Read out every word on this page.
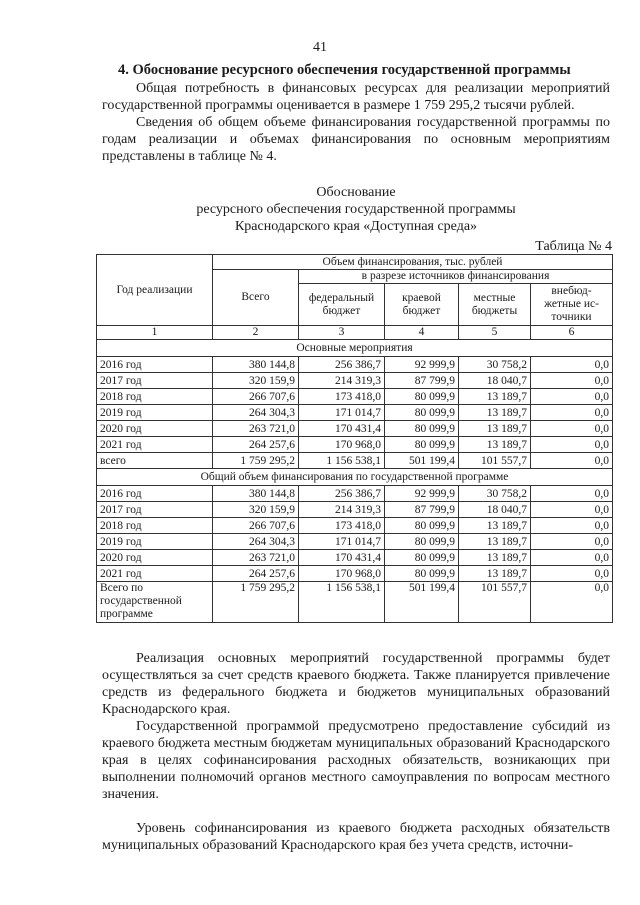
41
4. Обоснование ресурсного обеспечения государственной программы

Общая потребность в финансовых ресурсах для реализации мероприятий государственной программы оценивается в размере 1 759 295,2 тысячи рублей.

Сведения об общем объеме финансирования государственной программы по годам реализации и объемах финансирования по основным мероприятиям представлены в таблице № 4.

Обоснование
ресурсного обеспечения государственной программы
Краснодарского края «Доступная среда»
Таблица № 4
Год реализации	Объем финансирования, тыс. рублей				
	Всего	в разрезе источников финансирования			
		федеральный бюджет	краевой бюджет	местные бюджеты	внебюд-жетные ис-точники
1	2	3	4	5	6
Основные мероприятия					
2016 год	380 144,8	256 386,7	92 999,9	30 758,2	0,0
2017 год	320 159,9	214 319,3	87 799,9	18 040,7	0,0
2018 год	266 707,6	173 418,0	80 099,9	13 189,7	0,0
2019 год	264 304,3	171 014,7	80 099,9	13 189,7	0,0
2020 год	263 721,0	170 431,4	80 099,9	13 189,7	0,0
2021 год	264 257,6	170 968,0	80 099,9	13 189,7	0,0
всего	1 759 295,2	1 156 538,1	501 199,4	101 557,7	0,0
Общий объем финансирования по государственной программе					
2016 год	380 144,8	256 386,7	92 999,9	30 758,2	0,0
2017 год	320 159,9	214 319,3	87 799,9	18 040,7	0,0
2018 год	266 707,6	173 418,0	80 099,9	13 189,7	0,0
2019 год	264 304,3	171 014,7	80 099,9	13 189,7	0,0
2020 год	263 721,0	170 431,4	80 099,9	13 189,7	0,0
2021 год	264 257,6	170 968,0	80 099,9	13 189,7	0,0
Всего по государственной программе	1 759 295,2	1 156 538,1	501 199,4	101 557,7	0,0

Реализация основных мероприятий государственной программы будет осуществляться за счет средств краевого бюджета. Также планируется привлечение средств из федерального бюджета и бюджетов муниципальных образований Краснодарского края.

Государственной программой предусмотрено предоставление субсидий из краевого бюджета местным бюджетам муниципальных образований Краснодарского края в целях софинансирования расходных обязательств, возникающих при выполнении полномочий органов местного самоуправления по вопросам местного значения.

Уровень софинансирования из краевого бюджета расходных обязательств муниципальных образований Краснодарского края без учета средств, источни-
